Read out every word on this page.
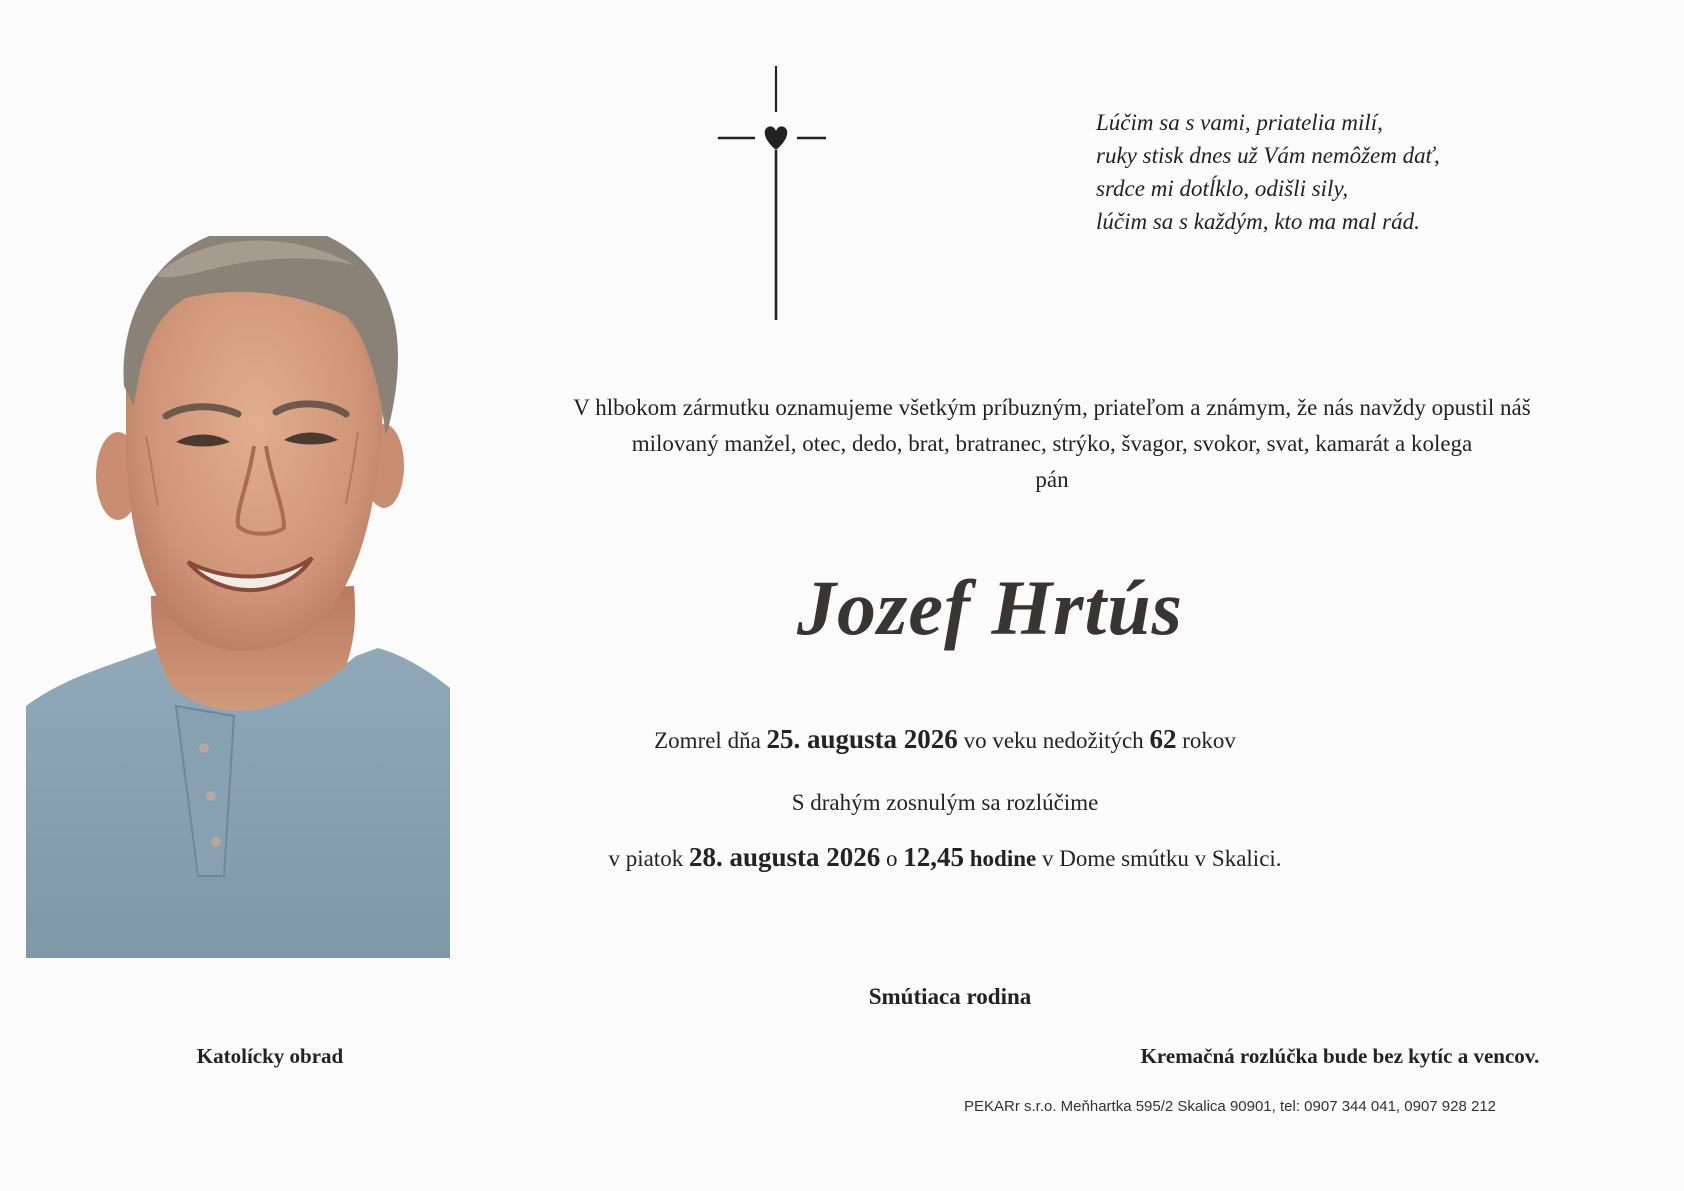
Lúčim sa s vami, priatelia milí,
ruky stisk dnes už Vám nemôžem dať,
srdce mi dotĺklo, odišli sily,
lúčim sa s každým, kto ma mal rád.
V hlbokom zármutku oznamujeme všetkým príbuzným, priateľom a známym, že nás navždy opustil náš
milovaný manžel, otec, dedo, brat, bratranec, strýko, švagor, svokor, svat, kamarát a kolega
pán
Jozef Hrtús
Zomrel dňa 25. augusta 2026 vo veku nedožitých 62 rokov
S drahým zosnulým sa rozlúčime
v piatok 28. augusta 2026 o 12,45 hodine v Dome smútku v Skalici.
Smútiaca rodina
Katolícky obrad	Kremačná rozlúčka bude bez kytíc a vencov.
PEKARr s.r.o. Meňhartka 595/2 Skalica 90901, tel: 0907 344 041, 0907 928 212
